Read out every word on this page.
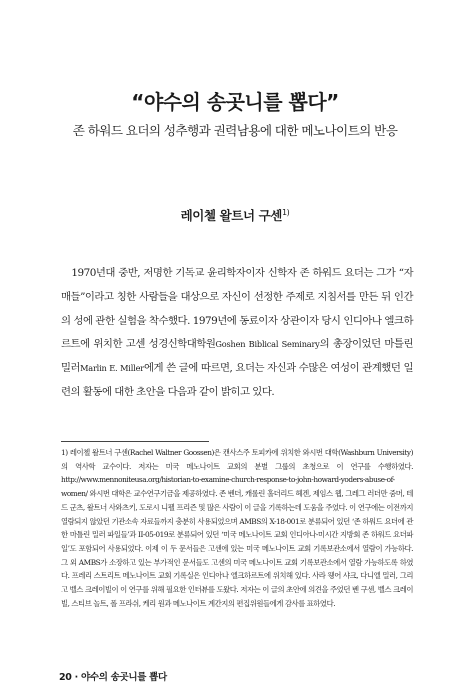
“야수의 송곳니를 뽑다”
존 하워드 요더의 성추행과 권력남용에 대한 메노나이트의 반응
레이첼 왈트너 구센$^{1)}$

1970년대 중반, 저명한 기독교 윤리학자이자 신학자 존 하워드 요더는 그가 “자매들”이라고 칭한 사람들을 대상으로 자신이 선정한 주제로 지침서를 만든 뒤 인간의 성에 관한 실험을 착수했다. 1979년에 동료이자 상관이자 당시 인디아나 엘크하르트에 위치한 고센 성경신학대학원Goshen Biblical Seminary의 총장이었던 마틀린 밀러Marlin E. Miller에게 쓴 글에 따르면, 요더는 자신과 수많은 여성이 관계했던 일련의 활동에 대한 초안을 다음과 같이 밝히고 있다.

1) 레이첼 왈트너 구센(Rachel Waltner Goossen)은 캔사스주 토피카에 위치한 와시번 대학(Washburn University)의 역사학 교수이다. 저자는 미국 메노나이트 교회의 분별 그룹의 초청으로 이 연구를 수행하였다. http://www.mennoniteusa.org/historian-to-examine-church-response-to-john-howard-yoders-abuse-of-women/ 와시번 대학은 교수연구기금을 제공하였다. 존 벤더, 캐롤린 홀더리드 헤겐, 제임스 웹, 그레그 러더만 줌머, 테드 군츠, 왈트너 사와츠키, 도로시 니펠 프리즌 및 많은 사람이 이 글을 기록하는데 도움을 주었다. 이 연구에는 이전까지 열람되지 않았던 기관소속 자료들까지 충분히 사용되었으며 AMBS의 X-18-001로 분류되어 있던 ‘존 하워드 요더에 관한 마틀린 밀러 파일들’과 II-05-019로 분류되어 있던 ‘미국 메노나이트 교회 인디아나-미시간 지방회 존 하워드 요더파일’도 포함되어 사용되었다. 이제 이 두 문서들은 고센에 있는 미국 메노나이트 교회 기록보관소에서 열람이 가능하다. 그 외 AMBS가 소장하고 있는 부가적인 문서들도 고센의 미국 메노나이트 교회 기록보관소에서 열람 가능하도록 하였다. 프레리 스트리트 메노나이트 교회 기록실은 인디아나 엘크하르트에 위치해 있다. 사라 웽어 샤크, 다니엘 밀러, 그리고 벨스 크레이빌이 이 연구를 위해 필요한 인터뷰를 도왔다. 저자는 이 글의 초안에 의견을 주었던 벤 구센, 벨스 크레이빌, 스티브 놀트, 폴 프라쉬, 케리 원과 메노나이트 계간지의 편집위원들에게 감사를 표하였다.

20 · 야수의 송곳니를 뽑다
